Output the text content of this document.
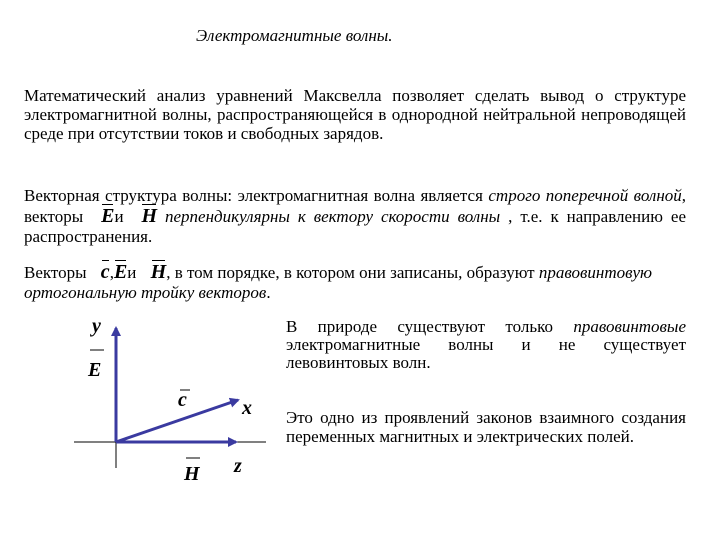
Электромагнитные волны.
Математический анализ уравнений Максвелла позволяет сделать вывод о структуре электромагнитной волны, распространяющейся в однородной нейтральной непроводящей среде при отсутствии токов и свободных зарядов.
Векторная структура волны: электромагнитная волна является строго поперечной волной, векторы Eи H перпендикулярны к вектору скорости волны , т.е. к направлению ее распространения.
Векторы c,Eи H, в том порядке, в котором они записаны, образуют правовинтовую ортогональную тройку векторов.
В природе существуют только правовинтовые электромагнитные волны и не существует левовинтовых волн.
Это одно из проявлений законов взаимного создания переменных магнитных и электрических полей.
y
E
c	x
H z
